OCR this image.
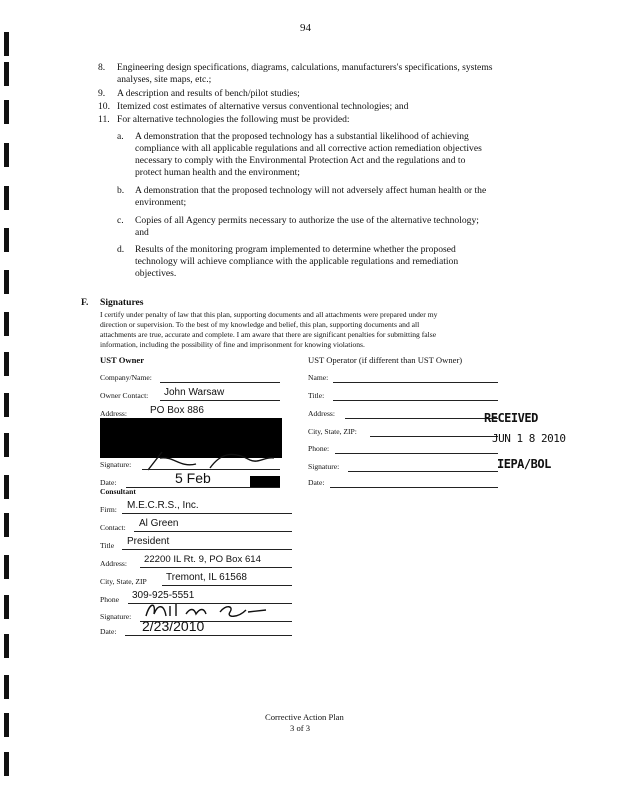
94
8. Engineering design specifications, diagrams, calculations, manufacturers's specifications, systems
analyses, site maps, etc.;
9. A description and results of bench/pilot studies;
10. Itemized cost estimates of alternative versus conventional technologies; and
11. For alternative technologies the following must be provided:
a. A demonstration that the proposed technology has a substantial likelihood of achieving
compliance with all applicable regulations and all corrective action remediation objectives
necessary to comply with the Environmental Protection Act and the regulations and to
protect human health and the environment;
b. A demonstration that the proposed technology will not adversely affect human health or the
environment;
c. Copies of all Agency permits necessary to authorize the use of the alternative technology;
and
d. Results of the monitoring program implemented to determine whether the proposed
technology will achieve compliance with the applicable regulations and remediation
objectives.
F. Signatures
I certify under penalty of law that this plan, supporting documents and all attachments were prepared under my
direction or supervision. To the best of my knowledge and belief, this plan, supporting documents and all
attachments are true, accurate and complete. I am aware that there are significant penalties for submitting false
information, including the possibility of fine and imprisonment for knowing violations.
UST Owner
Company/Name:
Owner Contact: John Warsaw
Address: PO Box 886
Signature:
Date:	5 Feb
UST Operator (if different than UST Owner)
Name:
Title:
Address:
City, State, ZIP:
Phone:
Signature:
Date:
RECEIVED
JUN 1 8 2010
IEPA/BOL
Consultant
Firm: M.E.C.R.S., Inc.
Contact: Al Green
Title President
Address: 22200 IL Rt. 9, PO Box 614
City, State, ZIP Tremont, IL 61568
Phone 309-925-5551
Signature:
Date: 2/23/2010
Corrective Action Plan
3 of 3
